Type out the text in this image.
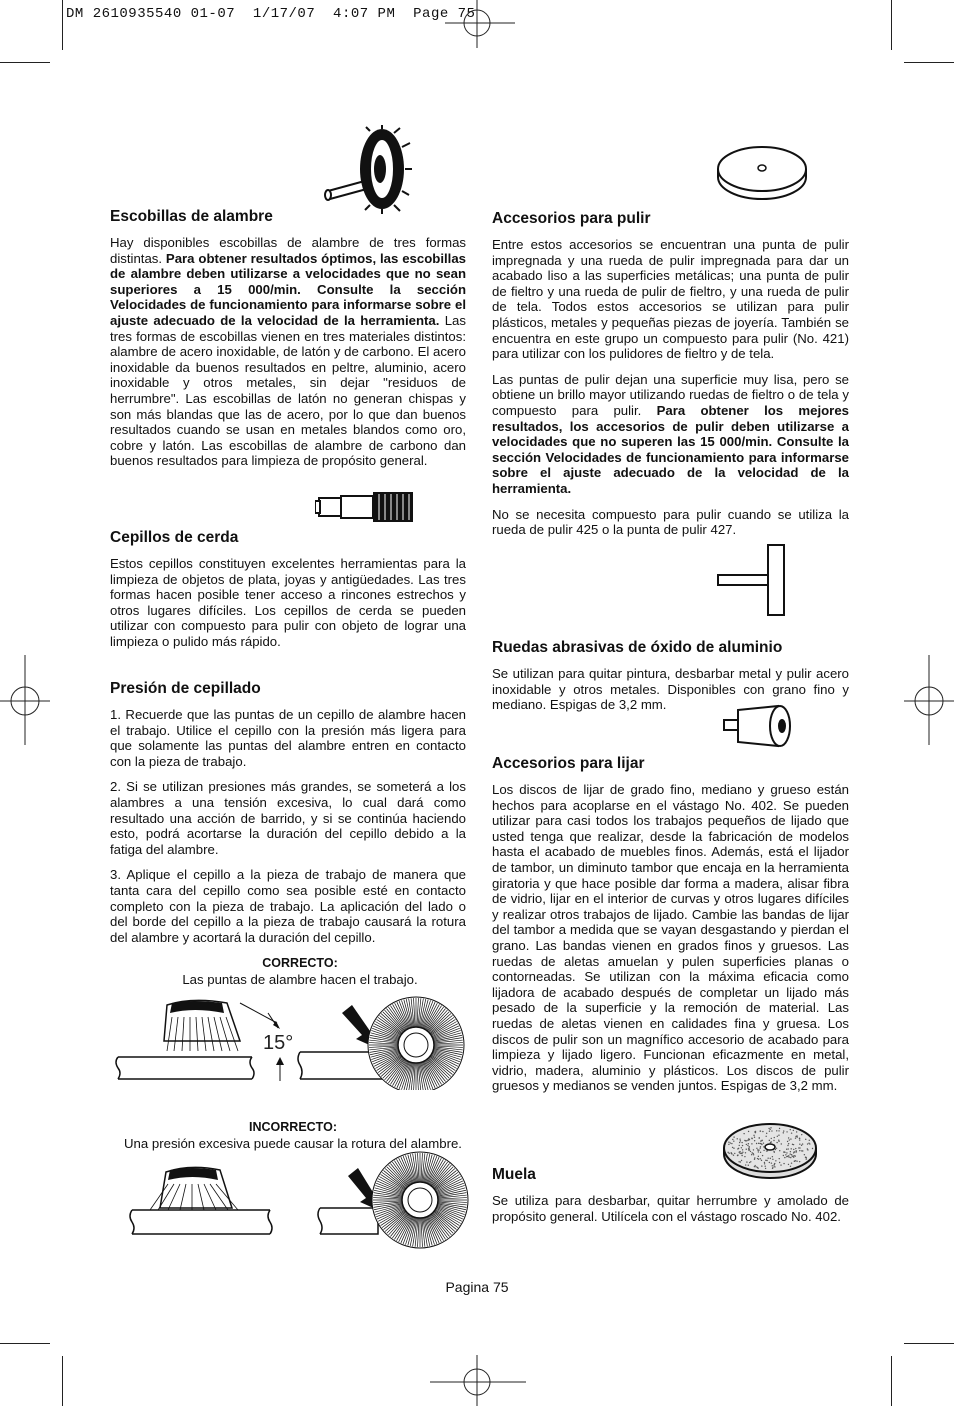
DM 2610935540 01-07  1/17/07  4:07 PM  Page 75

Escobillas de alambre

Hay disponibles escobillas de alambre de tres formas distintas. Para obtener resultados óptimos, las escobillas de alambre deben utilizarse a velocidades que no sean superiores a 15 000/min. Consulte la sección Velocidades de funcionamiento para informarse sobre el ajuste adecuado de la velocidad de la herramienta. Las tres formas de escobillas vienen en tres materiales distintos: alambre de acero inoxidable, de latón y de carbono. El acero inoxidable da buenos resultados en peltre, aluminio, acero inoxidable y otros metales, sin dejar "residuos de herrumbre". Las escobillas de latón no generan chispas y son más blandas que las de acero, por lo que dan buenos resultados cuando se usan en metales blandos como oro, cobre y latón. Las escobillas de alambre de carbono dan buenos resultados para limpieza de propósito general.

Cepillos de cerda

Estos cepillos constituyen excelentes herramientas para la limpieza de objetos de plata, joyas y antigüedades. Las tres formas hacen posible tener acceso a rincones estrechos y otros lugares difíciles. Los cepillos de cerda se pueden utilizar con compuesto para pulir con objeto de lograr una limpieza o pulido más rápido.

Presión de cepillado

1. Recuerde que las puntas de un cepillo de alambre hacen el trabajo. Utilice el cepillo con la presión más ligera para que solamente las puntas del alambre entren en contacto con la pieza de trabajo.

2. Si se utilizan presiones más grandes, se someterá a los alambres a una tensión excesiva, lo cual dará como resultado una acción de barrido, y si se continúa haciendo esto, podrá acortarse la duración del cepillo debido a la fatiga del alambre.

3. Aplique el cepillo a la pieza de trabajo de manera que tanta cara del cepillo como sea posible esté en contacto completo con la pieza de trabajo. La aplicación del lado o del borde del cepillo a la pieza de trabajo causará la rotura del alambre y acortará la duración del cepillo.

CORRECTO:
Las puntas de alambre hacen el trabajo.
15°
INCORRECTO:
Una presión excesiva puede causar la rotura del alambre.

Accesorios para pulir

Entre estos accesorios se encuentran una punta de pulir impregnada y una rueda de pulir impregnada para dar un acabado liso a las superficies metálicas; una punta de pulir de fieltro y una rueda de pulir de fieltro, y una rueda de pulir de tela. Todos estos accesorios se utilizan para pulir plásticos, metales y pequeñas piezas de joyería. También se encuentra en este grupo un compuesto para pulir (No. 421) para utilizar con los pulidores de fieltro y de tela.

Las puntas de pulir dejan una superficie muy lisa, pero se obtiene un brillo mayor utilizando ruedas de fieltro o de tela y compuesto para pulir. Para obtener los mejores resultados, los accesorios de pulir deben utilizarse a velocidades que no superen las 15 000/min. Consulte la sección Velocidades de funcionamiento para informarse sobre el ajuste adecuado de la velocidad de la herramienta.

No se necesita compuesto para pulir cuando se utiliza la rueda de pulir 425 o la punta de pulir 427.

Ruedas abrasivas de óxido de aluminio

Se utilizan para quitar pintura, desbarbar metal y pulir acero inoxidable y otros metales. Disponibles con grano fino y mediano. Espigas de 3,2 mm.

Accesorios para lijar

Los discos de lijar de grado fino, mediano y grueso están hechos para acoplarse en el vástago No. 402. Se pueden utilizar para casi todos los trabajos pequeños de lijado que usted tenga que realizar, desde la fabricación de modelos hasta el acabado de muebles finos. Además, está el lijador de tambor, un diminuto tambor que encaja en la herramienta giratoria y que hace posible dar forma a madera, alisar fibra de vidrio, lijar en el interior de curvas y otros lugares difíciles y realizar otros trabajos de lijado. Cambie las bandas de lijar del tambor a medida que se vayan desgastando y pierdan el grano. Las bandas vienen en grados finos y gruesos. Las ruedas de aletas amuelan y pulen superficies planas o contorneadas. Se utilizan con la máxima eficacia como lijadora de acabado después de completar un lijado más pesado de la superficie y la remoción de material. Las ruedas de aletas vienen en calidades fina y gruesa. Los discos de pulir son un magnífico accesorio de acabado para limpieza y lijado ligero. Funcionan eficazmente en metal, vidrio, madera, aluminio y plásticos. Los discos de pulir gruesos y medianos se venden juntos. Espigas de 3,2 mm.

Muela

Se utiliza para desbarbar, quitar herrumbre y amolado de propósito general. Utilícela con el vástago roscado No. 402.

Pagina 75
